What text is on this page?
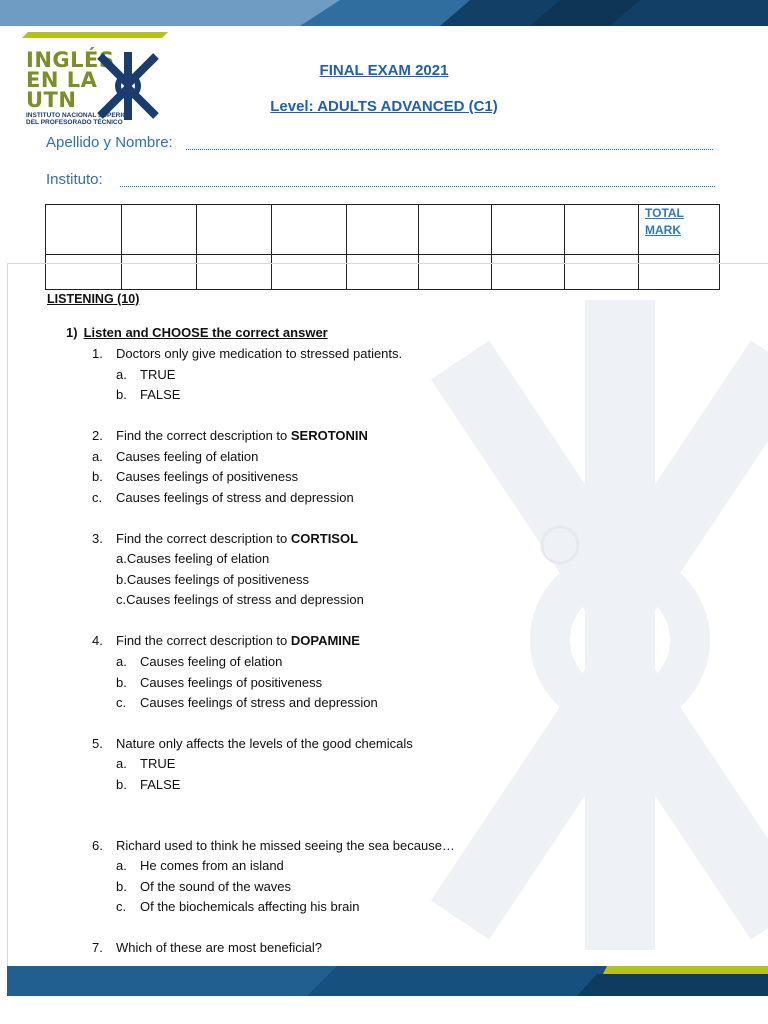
INGLÉS
EN LA
UTN
INSTITUTO NACIONAL SUPERIOR
DEL PROFESORADO TÉCNICO
FINAL EXAM 2021
Level: ADULTS ADVANCED (C1)
Apellido y Nombre:
Instituto:
								TOTAL
MARK

LISTENING (10)
1) Listen and CHOOSE the correct answer
1. Doctors only give medication to stressed patients.
a. TRUE
b. FALSE
2. Find the correct description to SEROTONIN
a. Causes feeling of elation
b. Causes feelings of positiveness
c. Causes feelings of stress and depression
3. Find the correct description to CORTISOL
a.Causes feeling of elation
b.Causes feelings of positiveness
c.Causes feelings of stress and depression
4. Find the correct description to DOPAMINE
a. Causes feeling of elation
b. Causes feelings of positiveness
c. Causes feelings of stress and depression
5. Nature only affects the levels of the good chemicals
a. TRUE
b. FALSE
6. Richard used to think he missed seeing the sea because…
a. He comes from an island
b. Of the sound of the waves
c. Of the biochemicals affecting his brain
7. Which of these are most beneficial?
